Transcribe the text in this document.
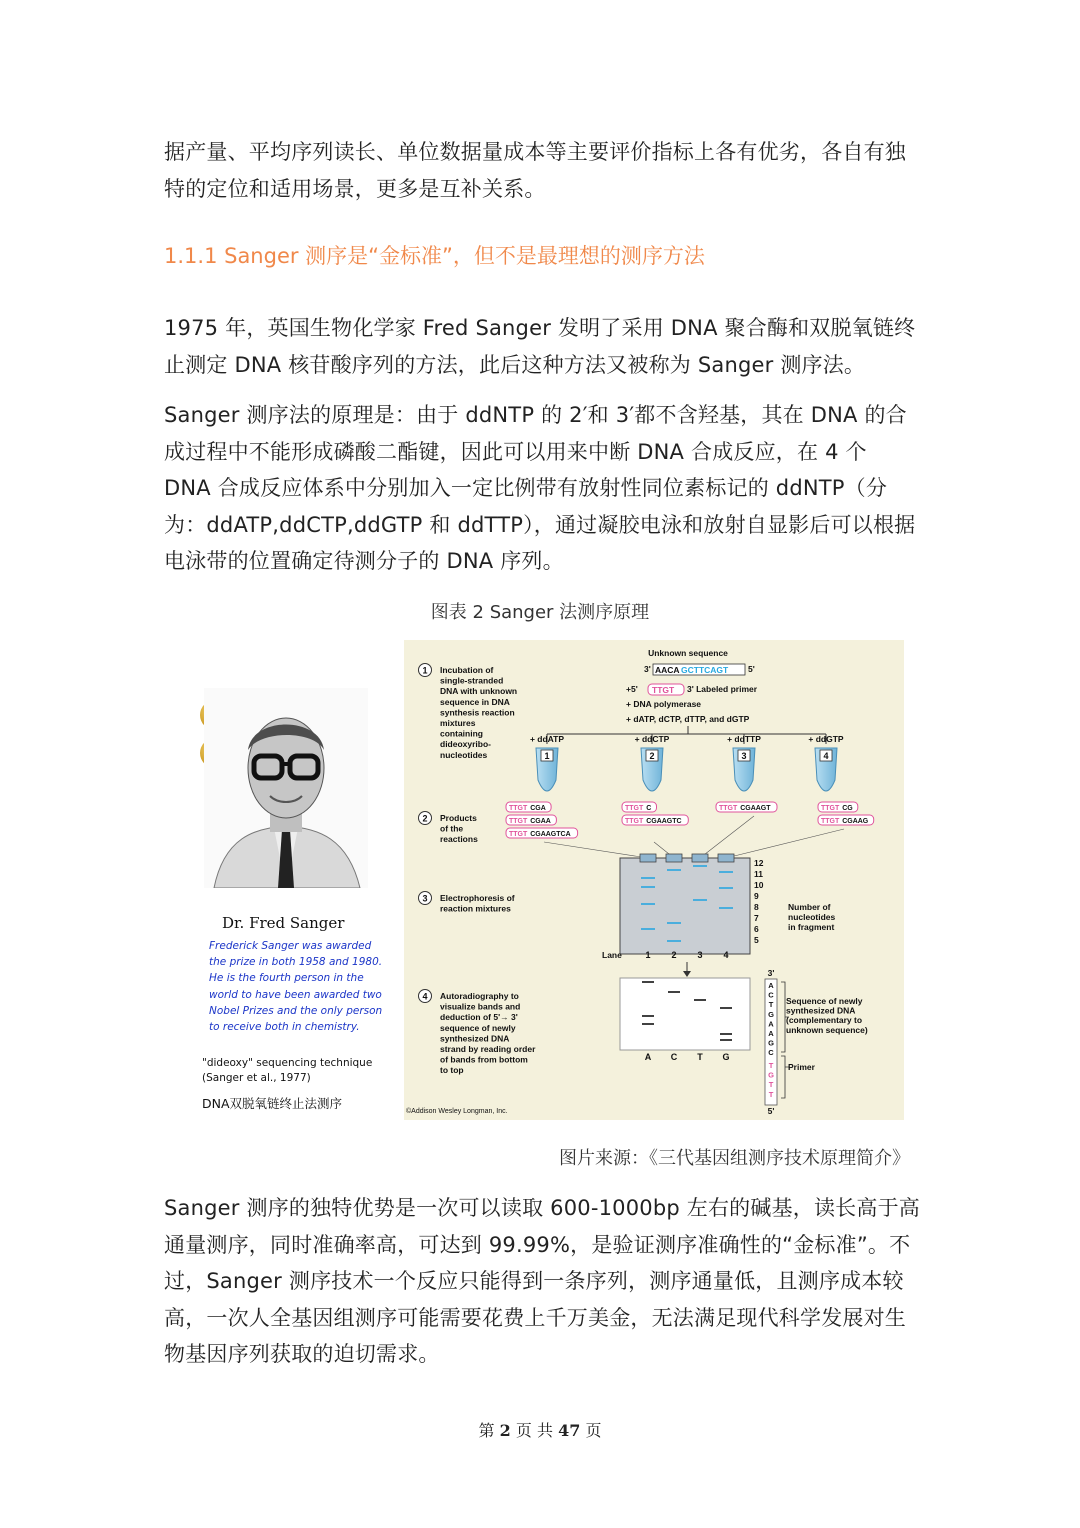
据产量、平均序列读长、单位数据量成本等主要评价指标上各有优劣，各自有独特的定位和适用场景，更多是互补关系。

1.1.1 Sanger 测序是“金标准”，但不是最理想的测序方法

1975 年，英国生物化学家 Fred Sanger 发明了采用 DNA 聚合酶和双脱氧链终止测定 DNA 核苷酸序列的方法，此后这种方法又被称为 Sanger 测序法。

Sanger 测序法的原理是：由于 ddNTP 的 2′和 3′都不含羟基，其在 DNA 的合成过程中不能形成磷酸二酯键，因此可以用来中断 DNA 合成反应，在 4 个 DNA 合成反应体系中分别加入一定比例带有放射性同位素标记的 ddNTP（分为：ddATP,ddCTP,ddGTP 和 ddTTP），通过凝胶电泳和放射自显影后可以根据电泳带的位置确定待测分子的 DNA 序列。

图表 2 Sanger 法测序原理
Dr. Fred Sanger
Frederick Sanger was awarded the prize in both 1958 and 1980. He is the fourth person in the world to have been awarded two Nobel Prizes and the only person to receive both in chemistry.
"dideoxy" sequencing technique (Sanger et al., 1977)
DNA双脱氧链终止法测序
Unknown sequence
3' AACA GCTTCAGT 5'
+5' TTGT 3' Labeled primer
+ DNA polymerase
+ dATP, dCTP, dTTP, and dGTP
1
2
3
4
Incubation of
single-stranded
DNA with unknown
sequence in DNA
synthesis reaction
mixtures
containing
dideoxyribo-
nucleotides
Products
of the
reactions
Electrophoresis of
reaction mixtures
Autoradiography to
visualize bands and
deduction of 5'→ 3'
sequence of newly
synthesized DNA
strand by reading order
of bands from bottom
to top
+ ddATP
1
+ ddCTP
2
+ ddTTP
3
+ ddGTP
4
TTGT CGA
TTGT CGAA
TTGT CGAAGTCA
TTGT C
TTGT CGAAGTC
TTGT CGAAGT	TTGT CG
TTGT CGAAG
12
11
10
9
8
7
6
5
Number of
nucleotides
in fragment
Lane	1 2 3 4
A C T G
3'
A
C
T
G
A
A
G
C
T
G
T
T
5'
Primer
Sequence of newly
synthesized DNA
(complementary to
unknown sequence)
©Addison Wesley Longman, Inc.
图片来源：《三代基因组测序技术原理简介》

Sanger 测序的独特优势是一次可以读取 600-1000bp 左右的碱基，读长高于高通量测序，同时准确率高，可达到 99.99%，是验证测序准确性的“金标准”。不过，Sanger 测序技术一个反应只能得到一条序列，测序通量低，且测序成本较高，一次人全基因组测序可能需要花费上千万美金，无法满足现代科学发展对生物基因序列获取的迫切需求。

第 2 页 共 47 页
